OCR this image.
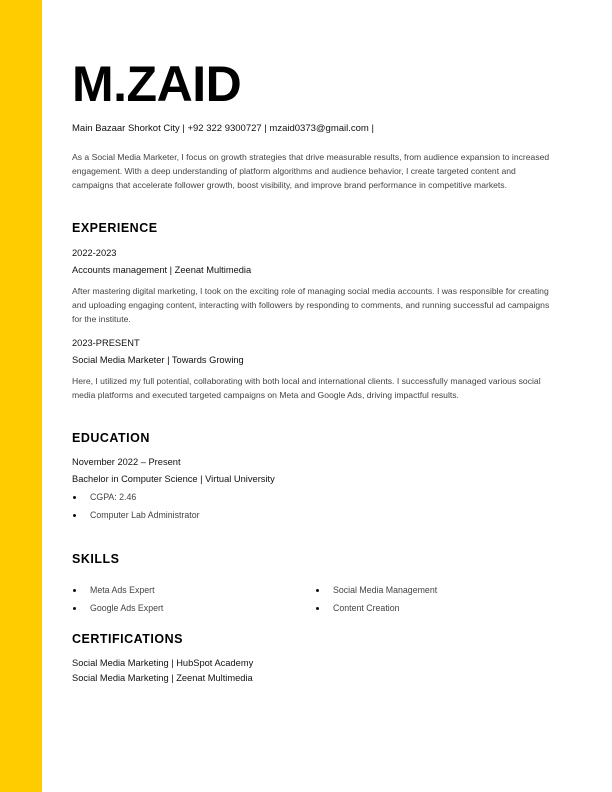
M.ZAID
Main Bazaar Shorkot City | +92 322 9300727 | mzaid0373@gmail.com |

As a Social Media Marketer, I focus on growth strategies that drive measurable results, from audience expansion to increased engagement. With a deep understanding of platform algorithms and audience behavior, I create targeted content and campaigns that accelerate follower growth, boost visibility, and improve brand performance in competitive markets.

EXPERIENCE
2022-2023
Accounts management | Zeenat Multimedia

After mastering digital marketing, I took on the exciting role of managing social media accounts. I was responsible for creating and uploading engaging content, interacting with followers by responding to comments, and running successful ad campaigns for the institute.

2023-PRESENT
Social Media Marketer | Towards Growing

Here, I utilized my full potential, collaborating with both local and international clients. I successfully managed various social media platforms and executed targeted campaigns on Meta and Google Ads, driving impactful results.

EDUCATION
November 2022 – Present
Bachelor in Computer Science | Virtual University
CGPA: 2.46
Computer Lab Administrator
SKILLS
Meta Ads Expert
Google Ads Expert
Social Media Management
Content Creation
CERTIFICATIONS
Social Media Marketing | HubSpot Academy
Social Media Marketing | Zeenat Multimedia
